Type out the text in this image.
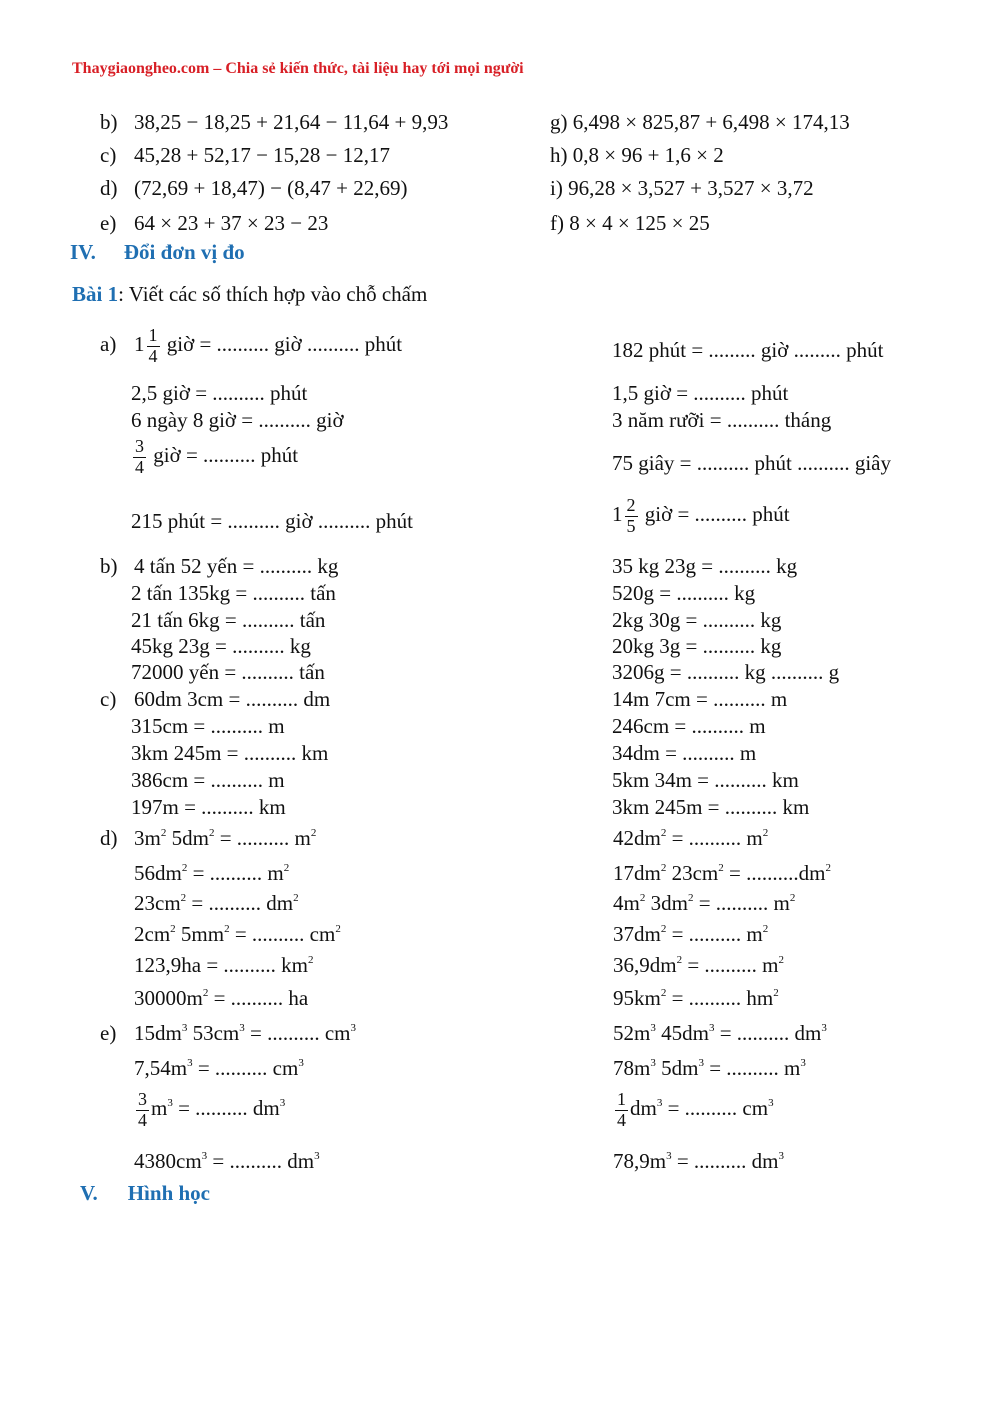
Thaygiaongheo.com – Chia sẻ kiến thức, tài liệu hay tới mọi người
b) 38,25 − 18,25 + 21,64 − 11,64 + 9,93
c) 45,28 + 52,17 − 15,28 − 12,17
d) (72,69 + 18,47) − (8,47 + 22,69)
e) 64 × 23 + 37 × 23 − 23
g) 6,498 × 825,87 + 6,498 × 174,13
h) 0,8 × 96 + 1,6 × 2
i) 96,28 × 3,527 + 3,527 × 3,72
f) 8 × 4 × 125 × 25
IV. Đổi đơn vị đo
Bài 1: Viết các số thích hợp vào chỗ chấm
a) $1 \frac{1}{4}$ giờ = .......... giờ .......... phút
2,5 giờ = .......... phút
6 ngày 8 giờ = .......... giờ
$\frac{3}{4}$ giờ = .......... phút
215 phút = .......... giờ .......... phút
182 phút = ......... giờ ......... phút
1,5 giờ = .......... phút
3 năm rưỡi = .......... tháng
75 giây = .......... phút .......... giây
$1 \frac{2}{5}$ giờ = .......... phút
b) 4 tấn 52 yến = .......... kg
2 tấn 135kg = .......... tấn
21 tấn 6kg = .......... tấn
45kg 23g = .......... kg
72000 yến = .......... tấn
35 kg 23g = .......... kg
520g = .......... kg
2kg 30g = .......... kg
20kg 3g = .......... kg
3206g = .......... kg .......... g
c) 60dm 3cm = .......... dm
315cm = .......... m
3km 245m = .......... km
386cm = .......... m
197m = .......... km
14m 7cm = .......... m
246cm = .......... m
34dm = .......... m
5km 34m = .......... km
3km 245m = .......... km
d) $3m^2$ $5dm^2$ = .......... $m^2$
$56dm^2$ = .......... $m^2$
$23cm^2$ = .......... $dm^2$
$2cm^2$ $5mm^2$ = .......... $cm^2$
123,9ha = .......... $km^2$
$30000m^2$ = .......... ha
$42dm^2$ = .......... $m^2$
$17dm^2$ $23cm^2 = ..........dm^2$
$4m^2$ $3dm^2$ = .......... $m^2$
$37dm^2$ = .......... $m^2$
$36,9dm^2$ = .......... $m^2$
$95km^2$ = .......... $hm^2$
e) $15dm^3$ $53cm^3$ = .......... $cm^3$
$7,54m^3$ = .......... $cm^3$
$\frac{3}{4} m^3$ = .......... $dm^3$
$4380cm^3$ = .......... $dm^3$
$52m^3$ $45dm^3$ = .......... $dm^3$
$78m^3$ $5dm^3$ = .......... $m^3$
$\frac{1}{4} dm^3$ = .......... $cm^3$
$78,9m^3$ = .......... $dm^3$
V. Hình học
